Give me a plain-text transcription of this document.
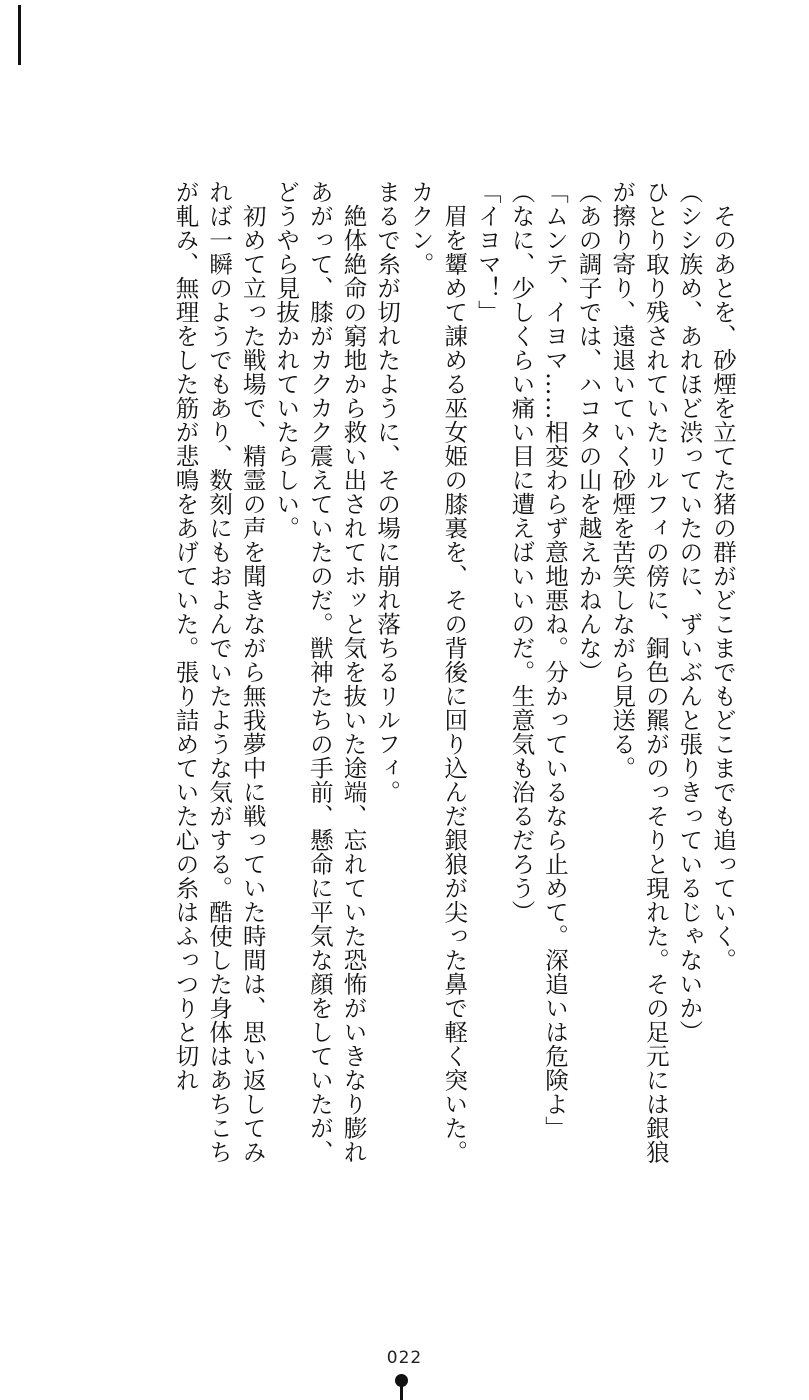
そのあとを、砂煙を立てた猪の群がどこまでもどこまでも追っていく。

（シシ族め、あれほど渋っていたのに、ずいぶんと張りきっているじゃないか）

ひとり取り残されていたリルフィの傍に、銅色の羆がのっそりと現れた。その足元には銀狼が擦り寄り、遠退いていく砂煙を苦笑しながら見送る。

（あの調子では、ハコタの山を越えかねんな）

「ムンテ、イヨマ……相変わらず意地悪ね。分かっているなら止めて。深追いは危険よ」

（なに、少しくらい痛い目に遭えばいいのだ。生意気も治るだろう）

「イヨマ！」

眉を顰めて諌める巫女姫の膝裏を、その背後に回り込んだ銀狼が尖った鼻で軽く突いた。

カクン。

まるで糸が切れたように、その場に崩れ落ちるリルフィ。

絶体絶命の窮地から救い出されてホッと気を抜いた途端、忘れていた恐怖がいきなり膨れあがって、膝がカクカク震えていたのだ。獣神たちの手前、懸命に平気な顔をしていたが、どうやら見抜かれていたらしい。

初めて立った戦場で、精霊の声を聞きながら無我夢中に戦っていた時間は、思い返してみれば一瞬のようでもあり、数刻にもおよんでいたような気がする。酷使した身体はあちこちが軋み、無理をした筋が悲鳴をあげていた。張り詰めていた心の糸はふっつりと切れ

022
